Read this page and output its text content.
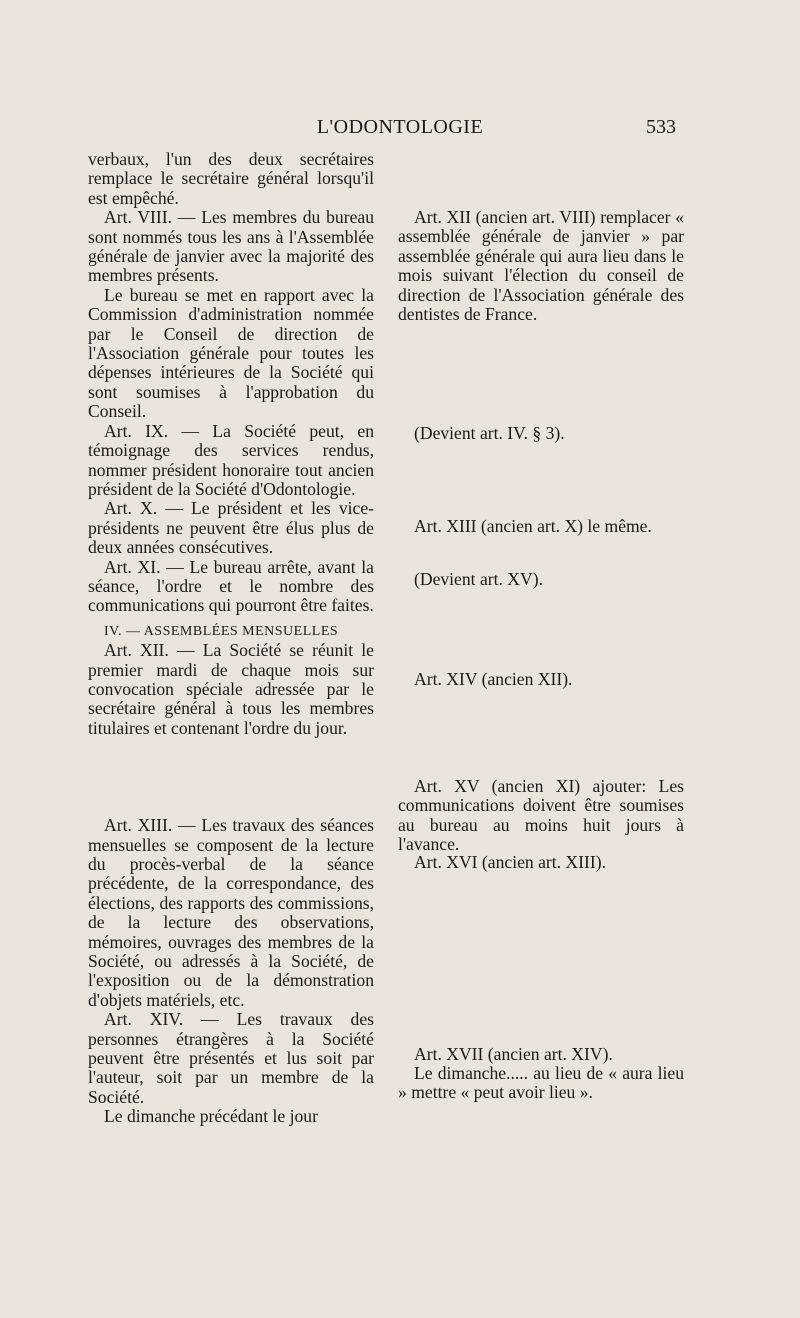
L'ODONTOLOGIE	533

verbaux, l'un des deux secrétaires remplace le secrétaire général lorsqu'il est empêché.

Art. VIII. — Les membres du bureau sont nommés tous les ans à l'Assemblée générale de janvier avec la majorité des membres présents.

Le bureau se met en rapport avec la Commission d'administration nommée par le Conseil de direction de l'Association générale pour toutes les dépenses intérieures de la Société qui sont soumises à l'approbation du Conseil.

Art. IX. — La Société peut, en témoignage des services rendus, nommer président honoraire tout ancien président de la Société d'Odontologie.

Art. X. — Le président et les vice-présidents ne peuvent être élus plus de deux années consécutives.

Art. XI. — Le bureau arrête, avant la séance, l'ordre et le nombre des communications qui pourront être faites.

IV. — ASSEMBLÉES MENSUELLES

Art. XII. — La Société se réunit le premier mardi de chaque mois sur convocation spéciale adressée par le secrétaire général à tous les membres titulaires et contenant l'ordre du jour.

Art. XIII. — Les travaux des séances mensuelles se composent de la lecture du procès-verbal de la séance précédente, de la correspondance, des élections, des rapports des commissions, de la lecture des observations, mémoires, ouvrages des membres de la Société, ou adressés à la Société, de l'exposition ou de la démonstration d'objets matériels, etc.

Art. XIV. — Les travaux des personnes étrangères à la Société peuvent être présentés et lus soit par l'auteur, soit par un membre de la Société.

Le dimanche précédant le jour

Art. XII (ancien art. VIII) remplacer « assemblée générale de janvier » par assemblée générale qui aura lieu dans le mois suivant l'élection du conseil de direction de l'Association générale des dentistes de France.

(Devient art. IV. § 3).

Art. XIII (ancien art. X) le même.

(Devient art. XV).

Art. XIV (ancien XII).

Art. XV (ancien XI) ajouter: Les communications doivent être soumises au bureau au moins huit jours à l'avance.

Art. XVI (ancien art. XIII).

Art. XVII (ancien art. XIV).

Le dimanche..... au lieu de « aura lieu » mettre « peut avoir lieu ».
